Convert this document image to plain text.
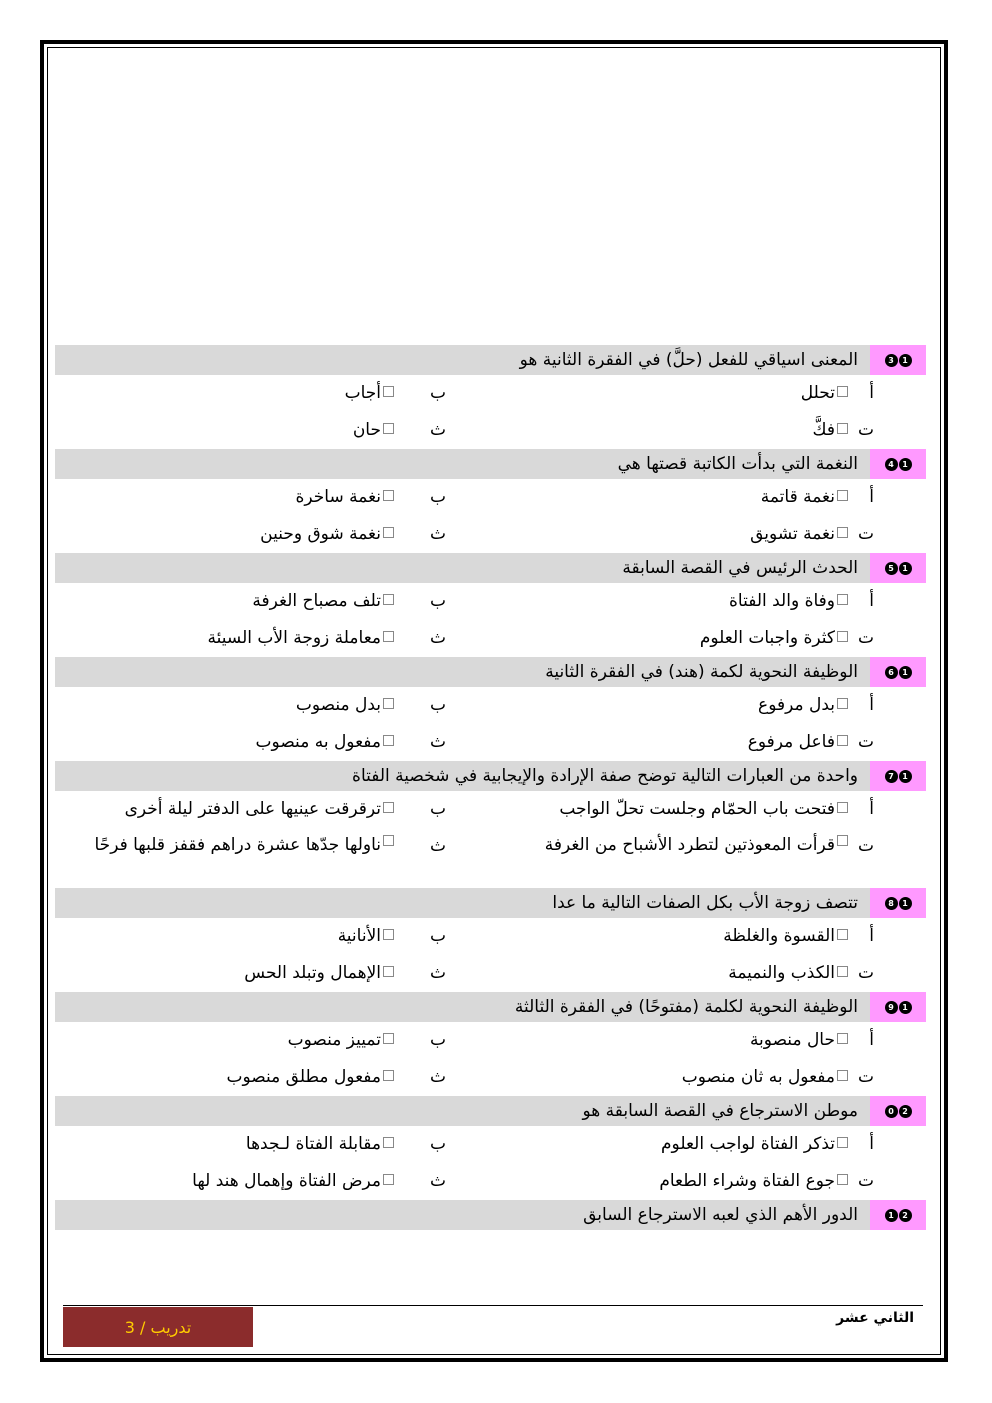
1
3
المعنى اسياقي للفعل (حلَّ) في الفقرة الثانية هو
أ
تحلل
ب
أجاب
ت
فكَّ
ث
حان
1
4
النغمة التي بدأت الكاتبة قصتها هي
أ
نغمة قاتمة
ب
نغمة ساخرة
ت
نغمة تشويق
ث
نغمة شوق وحنين
1
5
الحدث الرئيس في القصة السابقة
أ
وفاة والد الفتاة
ب
تلف مصباح الغرفة
ت
كثرة واجبات العلوم
ث
معاملة زوجة الأب السيئة
1
6
الوظيفة النحوية لكمة (هند) في الفقرة الثانية
أ
بدل مرفوع
ب
بدل منصوب
ت
فاعل مرفوع
ث
مفعول به منصوب
1
7
واحدة من العبارات التالية توضح صفة الإرادة والإيجابية في شخصية الفتاة
أ
فتحت باب الحمّام وجلست تحلّ الواجب
ب
ترقرقت عينيها على الدفتر ليلة أخرى
ت
قرأت المعوذتين لتطرد الأشباح من الغرفة
ث
ناولها جدّها عشرة دراهم فقفز قلبها فرحًا
1
8
تتصف زوجة الأب بكل الصفات التالية ما عدا
أ
القسوة والغلظة
ب
الأنانية
ت
الكذب والنميمة
ث
الإهمال وتبلد الحس
1
9
الوظيفة النحوية لكلمة (مفتوحًا) في الفقرة الثالثة
أ
حال منصوبة
ب
تمييز منصوب
ت
مفعول به ثان منصوب
ث
مفعول مطلق منصوب
2
0
موطن الاسترجاع في القصة السابقة هو
أ
تذكر الفتاة لواجب العلوم
ب
مقابلة الفتاة لـجدها
ت
جوع الفتاة وشراء الطعام
ث
مرض الفتاة وإهمال هند لها
2
1
الدور الأهم الذي لعبه الاسترجاع السابق
تدريب / 3	الثاني عشر
